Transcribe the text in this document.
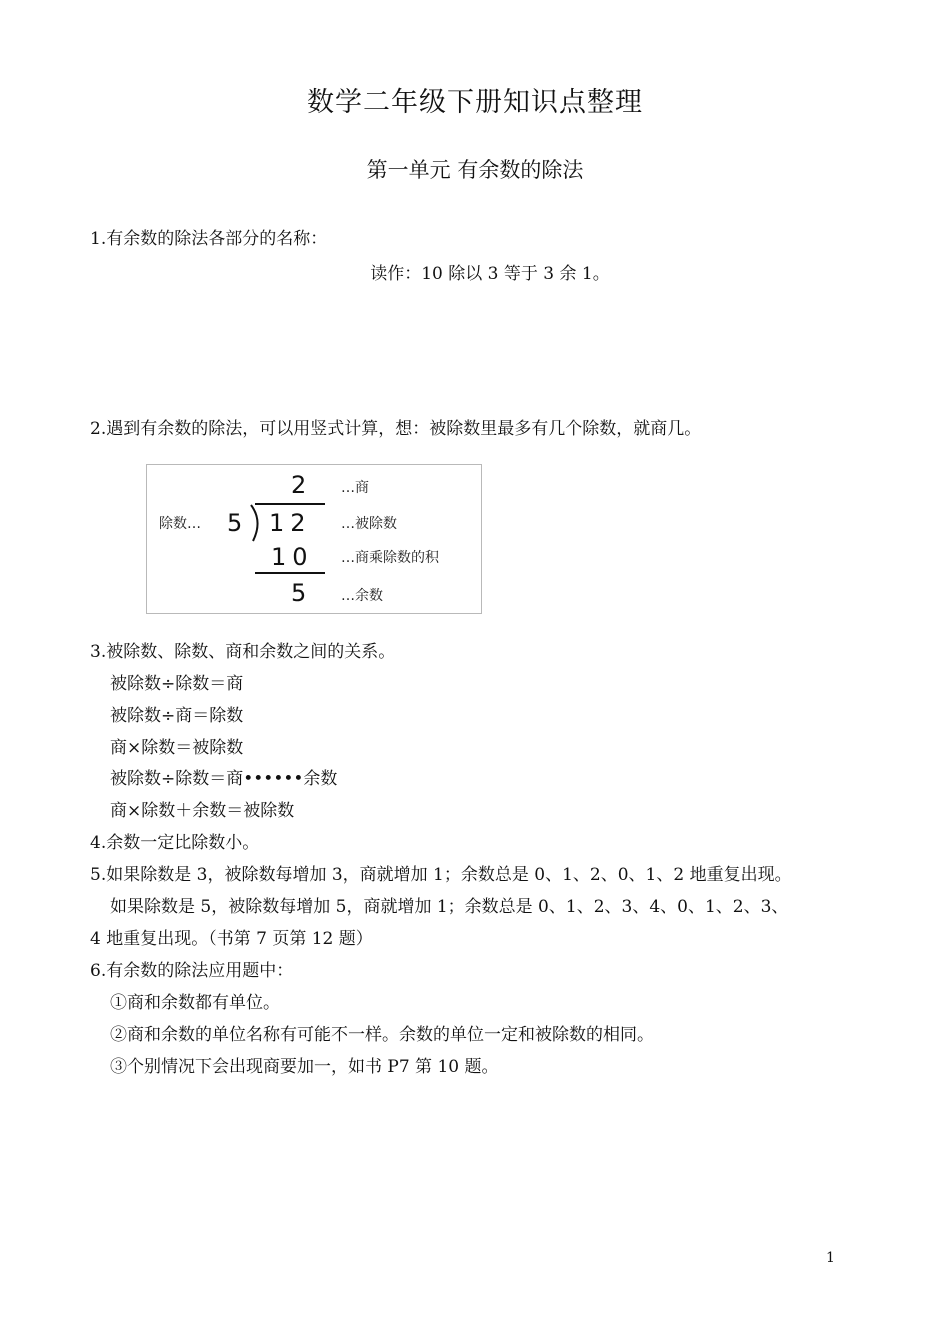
数学二年级下册知识点整理
第一单元 有余数的除法
1.有余数的除法各部分的名称：
读作：10 除以 3 等于 3 余 1。
2.遇到有余数的除法，可以用竖式计算，想：被除数里最多有几个除数，就商几。
除数… 5
2
12
10
5
…商
…被除数
…商乘除数的积
…余数
3.被除数、除数、商和余数之间的关系。
被除数÷除数＝商
被除数÷商＝除数
商×除数＝被除数
被除数÷除数＝商••••••余数
商×除数＋余数＝被除数
4.余数一定比除数小。
5.如果除数是 3，被除数每增加 3，商就增加 1；余数总是 0、1、2、0、1、2 地重复出现。
如果除数是 5，被除数每增加 5，商就增加 1；余数总是 0、1、2、3、4、0、1、2、3、
4 地重复出现。（书第 7 页第 12 题）
6.有余数的除法应用题中：
①商和余数都有单位。
②商和余数的单位名称有可能不一样。余数的单位一定和被除数的相同。
③个别情况下会出现商要加一，如书 P7 第 10 题。
1
